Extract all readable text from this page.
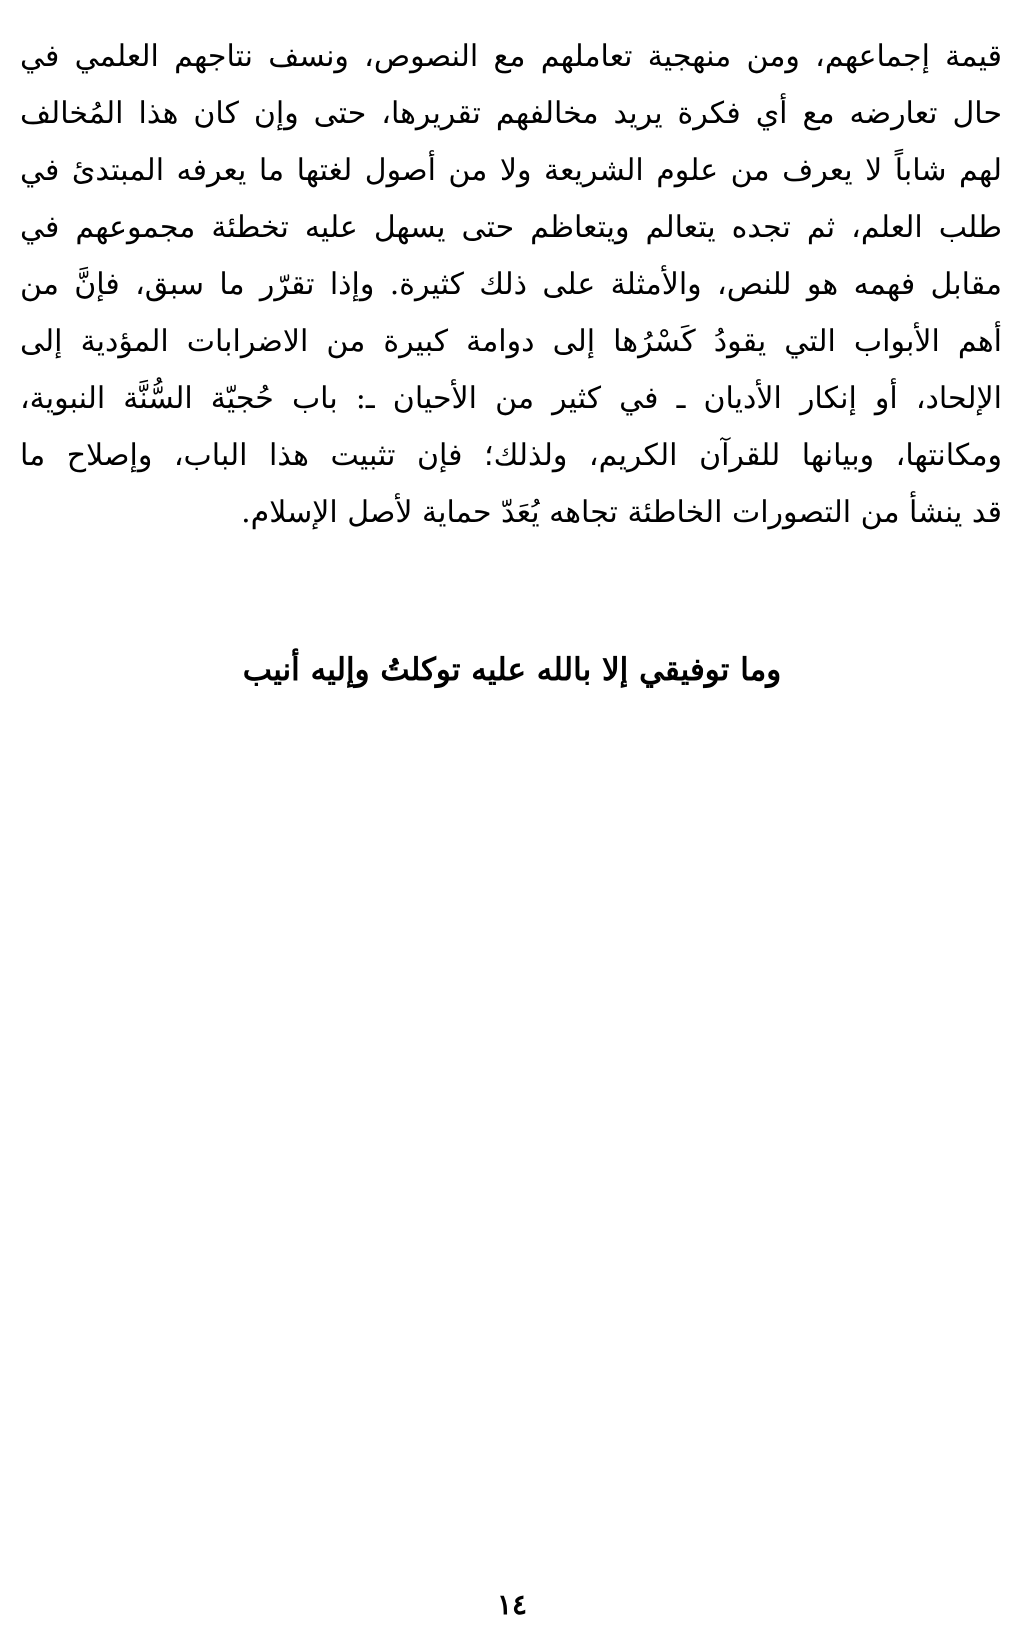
قيمة إجماعهم، ومن منهجية تعاملهم مع النصوص، ونسف نتاجهم العلمي في
حال تعارضه مع أي فكرة يريد مخالفهم تقريرها، حتى وإن كان هذا المُخالف
لهم شاباً لا يعرف من علوم الشريعة ولا من أصول لغتها ما يعرفه المبتدئ في
طلب العلم، ثم تجده يتعالم ويتعاظم حتى يسهل عليه تخطئة مجموعهم في
مقابل فهمه هو للنص، والأمثلة على ذلك كثيرة. وإذا تقرّر ما سبق، فإنَّ من
أهم الأبواب التي يقودُ كَسْرُها إلى دوامة كبيرة من الاضرابات المؤدية إلى
الإلحاد، أو إنكار الأديان ـ في كثير من الأحيان ـ: باب حُجيّة السُّنَّة النبوية،
ومكانتها، وبيانها للقرآن الكريم، ولذلك؛ فإن تثبيت هذا الباب، وإصلاح ما
قد ينشأ من التصورات الخاطئة تجاهه يُعَدّ حماية لأصل الإسلام.
وما توفيقي إلا بالله عليه توكلتُ وإليه أنيب
١٤
